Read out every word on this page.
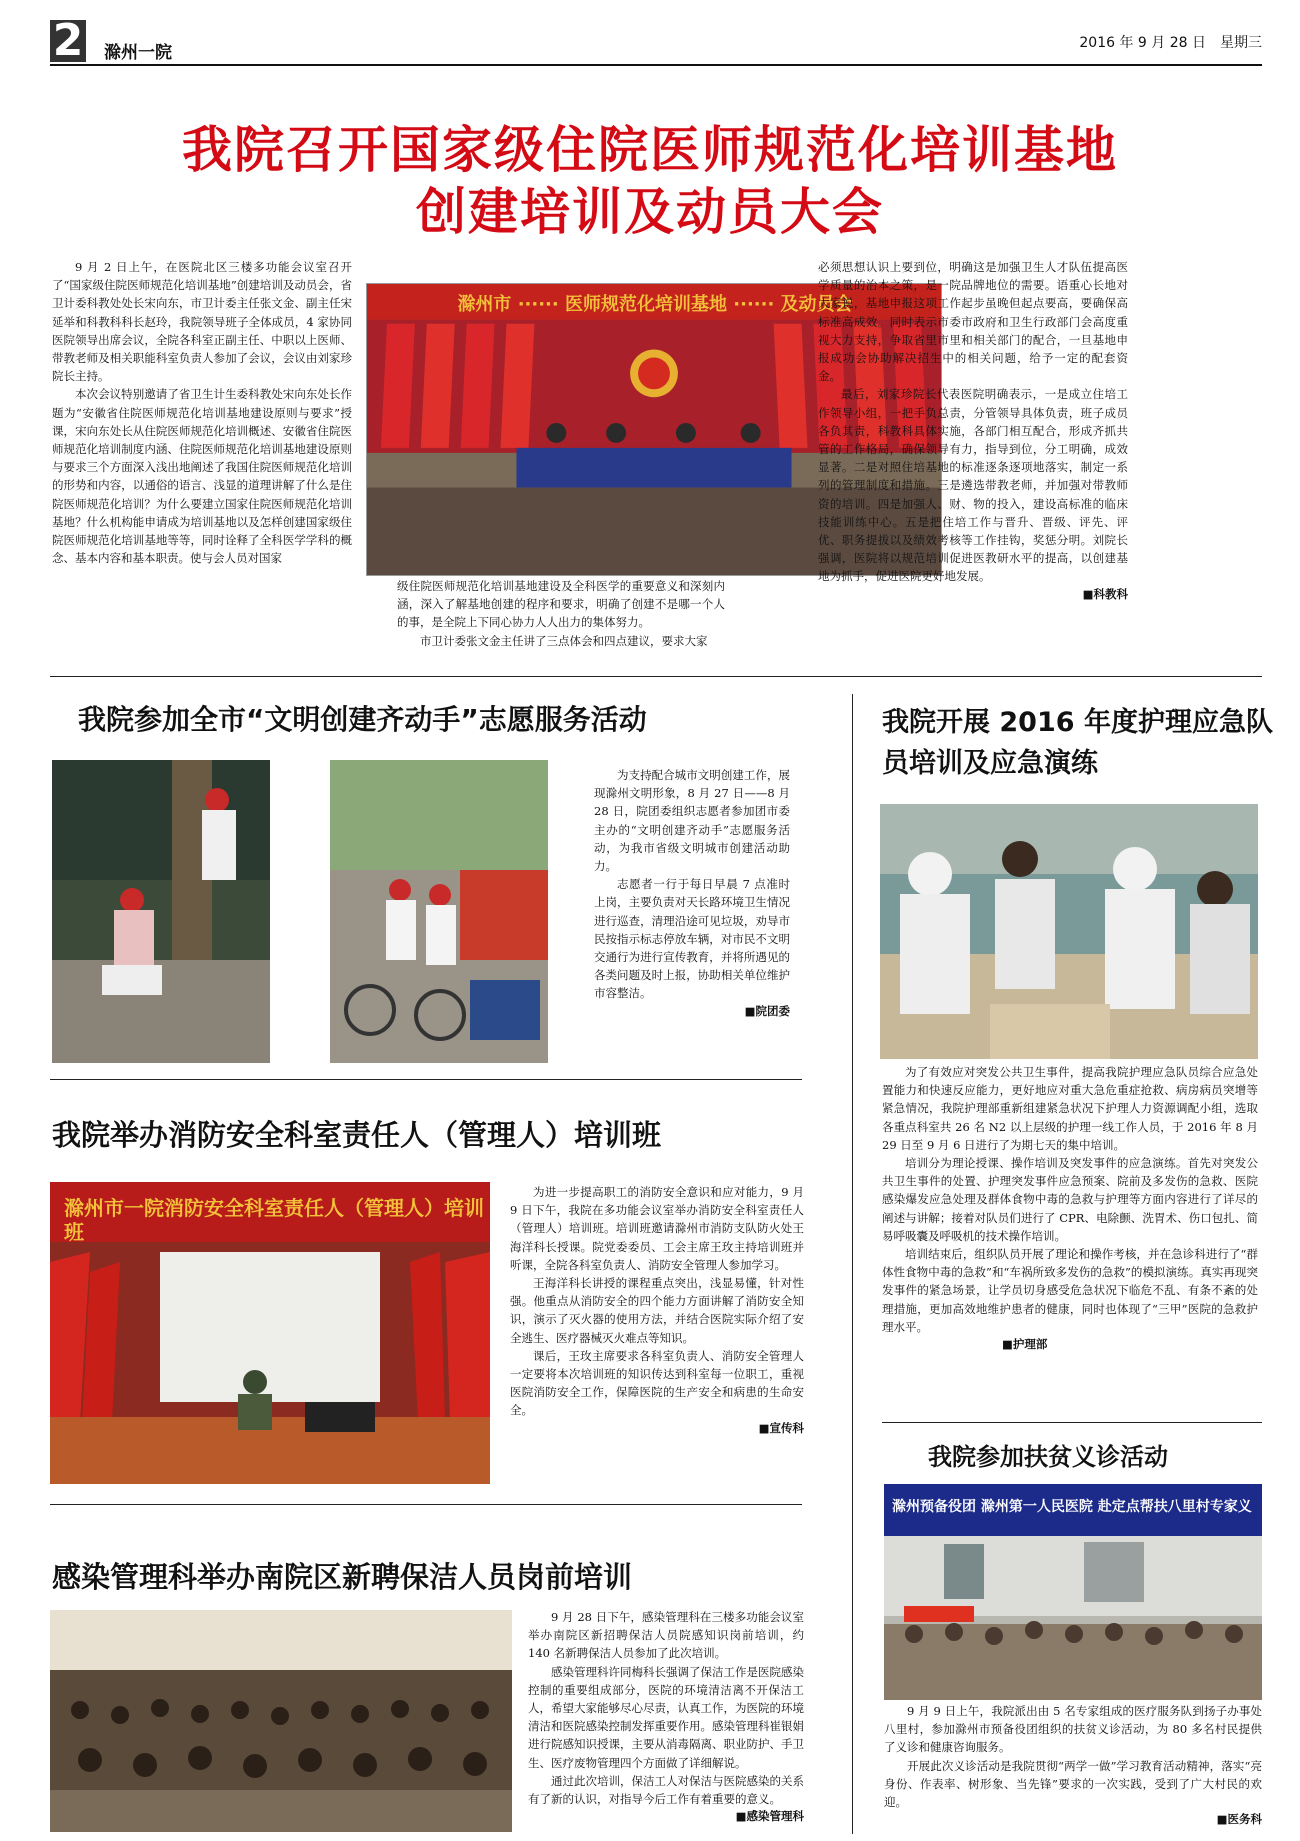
2 滁州一院	2016 年 9 月 28 日　星期三
我院召开国家级住院医师规范化培训基地
创建培训及动员大会

9 月 2 日上午，在医院北区三楼多功能会议室召开了“国家级住院医师规范化培训基地”创建培训及动员会，省卫计委科教处处长宋向东，市卫计委主任张文金、副主任宋延举和科教科科长赵玲，我院领导班子全体成员，4 家协同医院领导出席会议，全院各科室正副主任、中职以上医师、带教老师及相关职能科室负责人参加了会议，会议由刘家珍院长主持。

本次会议特别邀请了省卫生计生委科教处宋向东处长作题为“安徽省住院医师规范化培训基地建设原则与要求”授课，宋向东处长从住院医师规范化培训概述、安徽省住院医师规范化培训制度内涵、住院医师规范化培训基地建设原则与要求三个方面深入浅出地阐述了我国住院医师规范化培训的形势和内容，以通俗的语言、浅显的道理讲解了什么是住院医师规范化培训？为什么要建立国家住院医师规范化培训基地？什么机构能申请成为培训基地以及怎样创建国家级住院医师规范化培训基地等等，同时诠释了全科医学学科的概念、基本内容和基本职责。使与会人员对国家

滁州市 ······ 医师规范化培训基地 ······ 及动员会

级住院医师规范化培训基地建设及全科医学的重要意义和深刻内涵，深入了解基地创建的程序和要求，明确了创建不是哪一个人的事，是全院上下同心协力人人出力的集体努力。

市卫计委张文金主任讲了三点体会和四点建议，要求大家

必须思想认识上要到位，明确这是加强卫生人才队伍提高医学质量的治本之策，是一院品牌地位的需要。语重心长地对大家说，基地申报这项工作起步虽晚但起点要高，要确保高标准高成效。同时表示市委市政府和卫生行政部门会高度重视大力支持，争取省里市里和相关部门的配合，一旦基地申报成功会协助解决招生中的相关问题，给予一定的配套资金。

最后，刘家珍院长代表医院明确表示，一是成立住培工作领导小组，一把手负总责，分管领导具体负责，班子成员各负其责，科教科具体实施，各部门相互配合，形成齐抓共管的工作格局，确保领导有力，指导到位，分工明确，成效显著。二是对照住培基地的标准逐条逐项地落实，制定一系列的管理制度和措施。三是遴选带教老师，并加强对带教师资的培训。四是加强人、财、物的投入，建设高标准的临床技能训练中心。五是把住培工作与晋升、晋级、评先、评优、职务提拔以及绩效考核等工作挂钩，奖惩分明。刘院长强调，医院将以规范培训促进医教研水平的提高，以创建基地为抓手，促进医院更好地发展。

■科教科
我院参加全市“文明创建齐动手”志愿服务活动

为支持配合城市文明创建工作，展现滁州文明形象，8 月 27 日——8 月 28 日，院团委组织志愿者参加团市委主办的“文明创建齐动手”志愿服务活动，为我市省级文明城市创建活动助力。

志愿者一行于每日早晨 7 点准时上岗，主要负责对天长路环境卫生情况进行巡查，清理沿途可见垃圾，劝导市民按指示标志停放车辆，对市民不文明交通行为进行宣传教育，并将所遇见的各类问题及时上报，协助相关单位维护市容整洁。

■院团委
我院举办消防安全科室责任人（管理人）培训班
滁州市一院消防安全科室责任人（管理人）培训班

为进一步提高职工的消防安全意识和应对能力，9 月 9 日下午，我院在多功能会议室举办消防安全科室责任人（管理人）培训班。培训班邀请滁州市消防支队防火处王海洋科长授课。院党委委员、工会主席王玫主持培训班并听课，全院各科室负责人、消防安全管理人参加学习。

王海洋科长讲授的课程重点突出，浅显易懂，针对性强。他重点从消防安全的四个能力方面讲解了消防安全知识，演示了灭火器的使用方法，并结合医院实际介绍了安全逃生、医疗器械灭火难点等知识。

课后，王玫主席要求各科室负责人、消防安全管理人一定要将本次培训班的知识传达到科室每一位职工，重视医院消防安全工作，保障医院的生产安全和病患的生命安全。

■宣传科
感染管理科举办南院区新聘保洁人员岗前培训

9 月 28 日下午，感染管理科在三楼多功能会议室举办南院区新招聘保洁人员院感知识岗前培训，约 140 名新聘保洁人员参加了此次培训。

感染管理科许同梅科长强调了保洁工作是医院感染控制的重要组成部分，医院的环境清洁离不开保洁工人，希望大家能够尽心尽责，认真工作，为医院的环境清洁和医院感染控制发挥重要作用。感染管理科崔银娟进行院感知识授课，主要从消毒隔离、职业防护、手卫生、医疗废物管理四个方面做了详细解说。

通过此次培训，保洁工人对保洁与医院感染的关系有了新的认识，对指导今后工作有着重要的意义。

■感染管理科
我院开展 2016 年度护理应急队
员培训及应急演练

为了有效应对突发公共卫生事件，提高我院护理应急队员综合应急处置能力和快速反应能力，更好地应对重大急危重症抢救、病房病员突增等紧急情况，我院护理部重新组建紧急状况下护理人力资源调配小组，选取各重点科室共 26 名 N2 以上层级的护理一线工作人员，于 2016 年 8 月 29 日至 9 月 6 日进行了为期七天的集中培训。

培训分为理论授课、操作培训及突发事件的应急演练。首先对突发公共卫生事件的处置、护理突发事件应急预案、院前及多发伤的急救、医院感染爆发应急处理及群体食物中毒的急救与护理等方面内容进行了详尽的阐述与讲解；接着对队员们进行了 CPR、电除颤、洗胃术、伤口包扎、简易呼吸囊及呼吸机的技术操作培训。

培训结束后，组织队员开展了理论和操作考核，并在急诊科进行了“群体性食物中毒的急救”和“车祸所致多发伤的急救”的模拟演练。真实再现突发事件的紧急场景，让学员切身感受危急状况下临危不乱、有条不紊的处理措施，更加高效地维护患者的健康，同时也体现了“三甲”医院的急救护理水平。

■护理部
我院参加扶贫义诊活动
滁州预备役团 滁州第一人民医院 赴定点帮扶八里村专家义

9 月 9 日上午，我院派出由 5 名专家组成的医疗服务队到扬子办事处八里村，参加滁州市预备役团组织的扶贫义诊活动，为 80 多名村民提供了义诊和健康咨询服务。

开展此次义诊活动是我院贯彻“两学一做”学习教育活动精神，落实“亮身份、作表率、树形象、当先锋”要求的一次实践，受到了广大村民的欢迎。

■医务科
